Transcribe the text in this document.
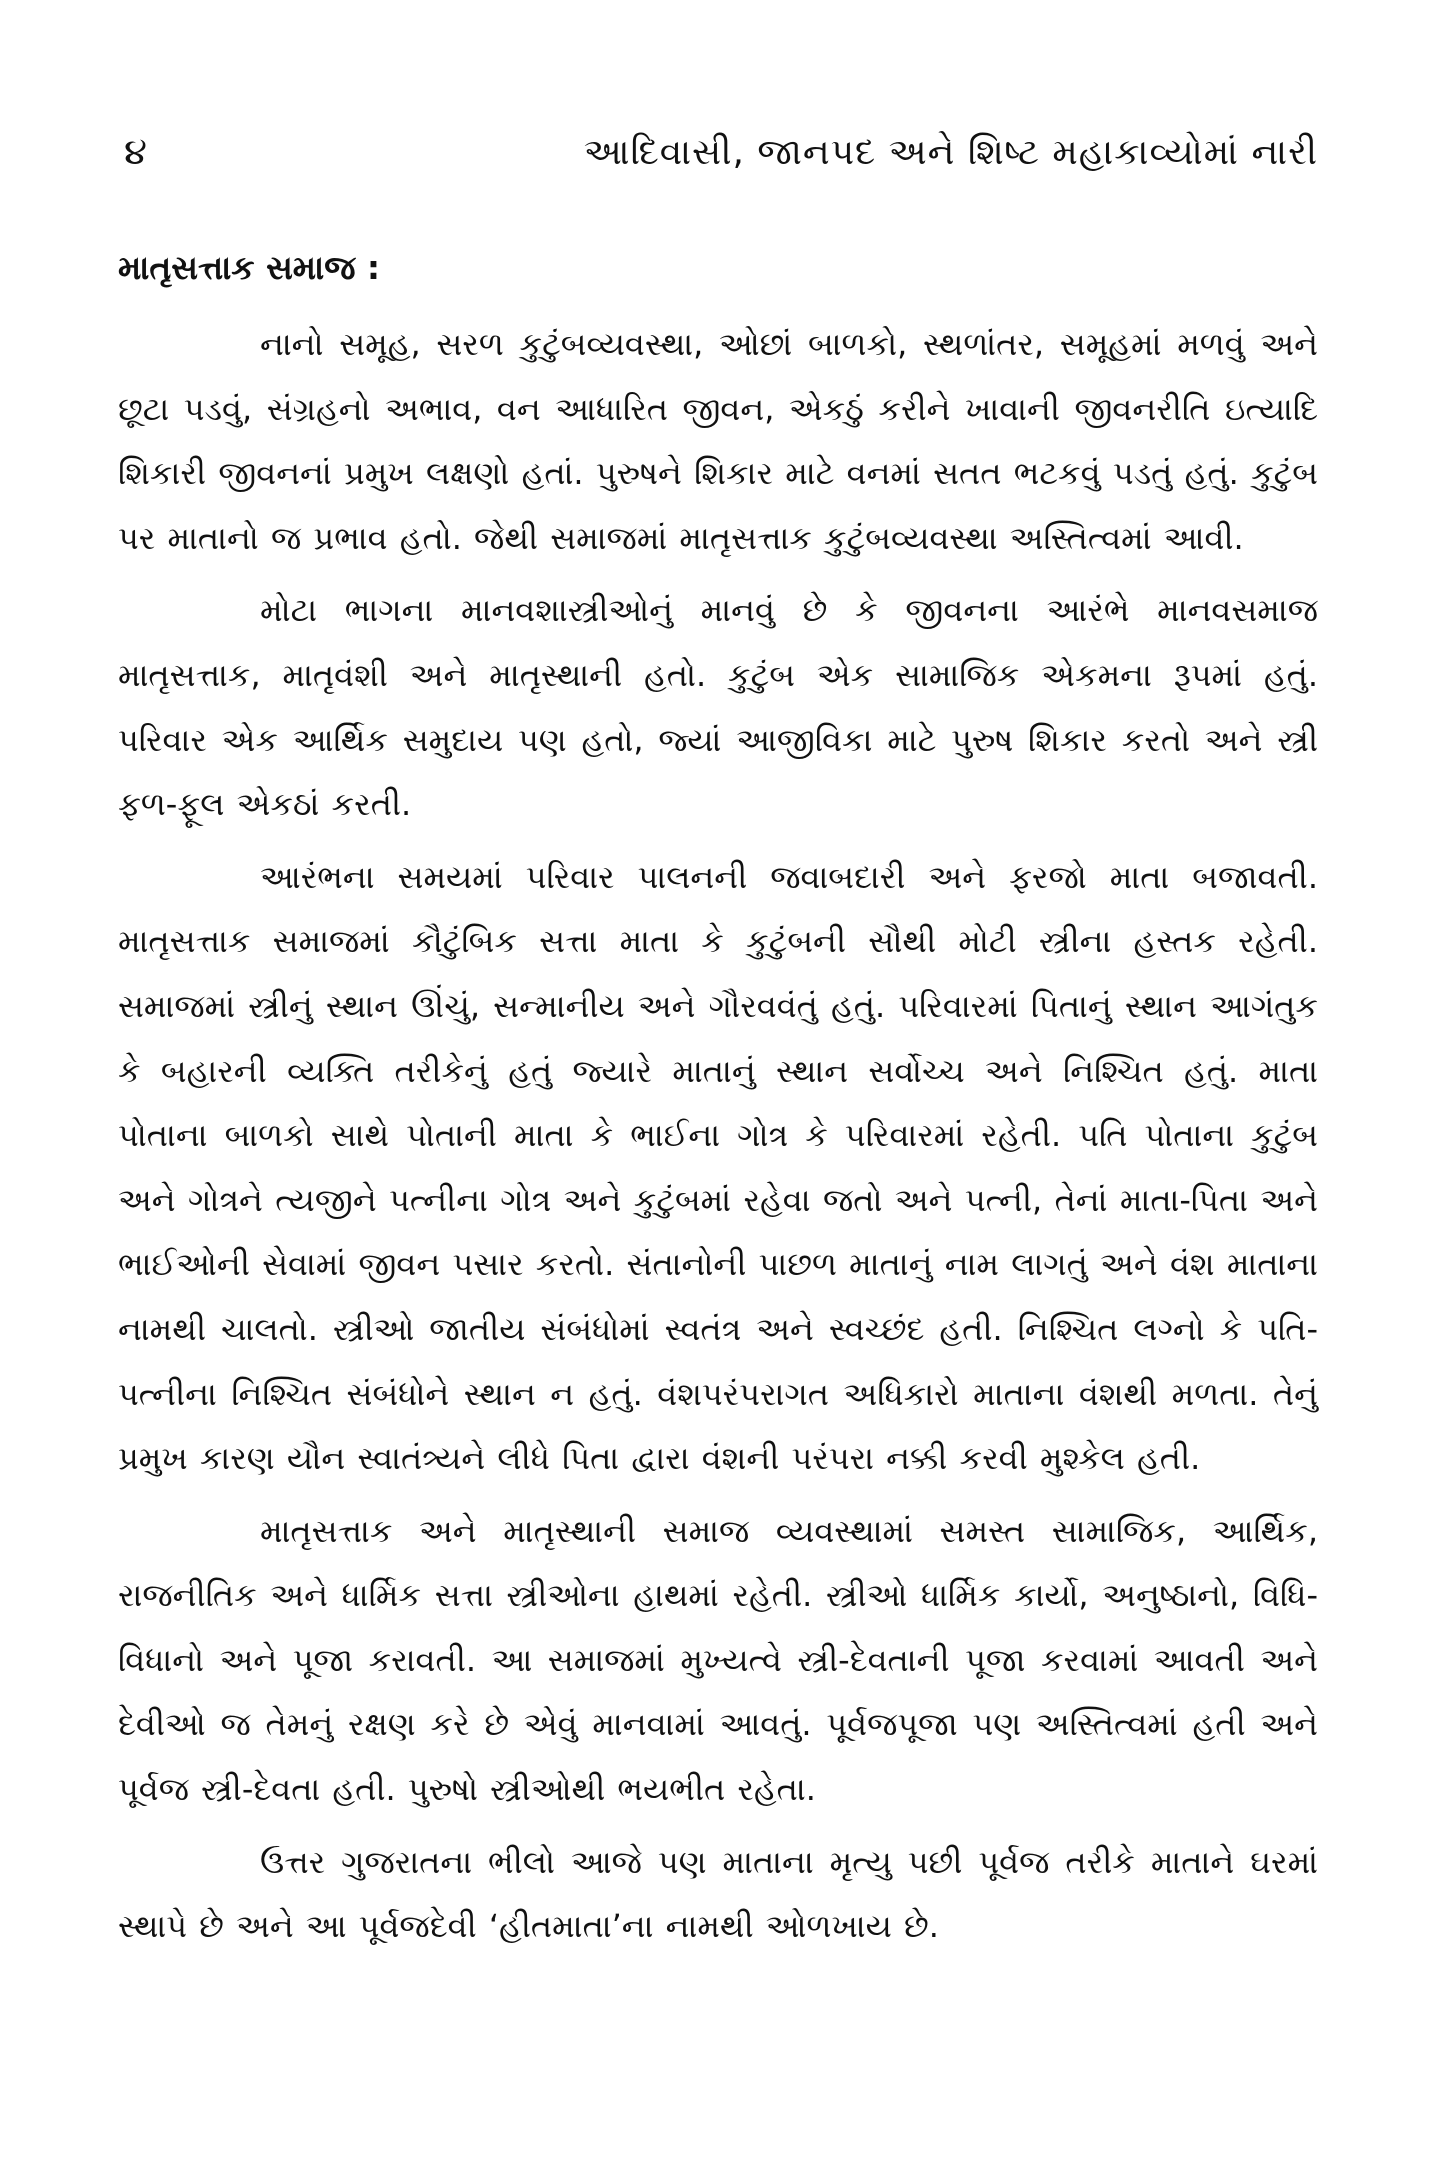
૪	આદિવાસી, જાનપદ અને શિષ્ટ મહાકાવ્યોમાં નારી
માતૃસત્તાક સમાજ :

નાનો સમૂહ, સરળ કુટુંબવ્યવસ્થા, ઓછાં બાળકો, સ્થળાંતર, સમૂહમાં મળવું અને છૂટા પડવું, સંગ્રહનો અભાવ, વન આધારિત જીવન, એકઠું કરીને ખાવાની જીવનરીતિ ઇત્યાદિ શિકારી જીવનનાં પ્રમુખ લક્ષણો હતાં. પુરુષને શિકાર માટે વનમાં સતત ભટકવું પડતું હતું. કુટુંબ પર માતાનો જ પ્રભાવ હતો. જેથી સમાજમાં માતૃસત્તાક કુટુંબવ્યવસ્થા અસ્તિત્વમાં આવી.

મોટા ભાગના માનવશાસ્ત્રીઓનું માનવું છે કે જીવનના આરંભે માનવસમાજ માતૃસત્તાક, માતૃવંશી અને માતૃસ્થાની હતો. કુટુંબ એક સામાજિક એકમના રૂપમાં હતું. પરિવાર એક આર્થિક સમુદાય પણ હતો, જ્યાં આજીવિકા માટે પુરુષ શિકાર કરતો અને સ્ત્રી ફળ-ફૂલ એકઠાં કરતી.

આરંભના સમયમાં પરિવાર પાલનની જવાબદારી અને ફરજો માતા બજાવતી. માતૃસત્તાક સમાજમાં કૌટુંબિક સત્તા માતા કે કુટુંબની સૌથી મોટી સ્ત્રીના હસ્તક રહેતી. સમાજમાં સ્ત્રીનું સ્થાન ઊંચું, સન્માનીય અને ગૌરવવંતું હતું. પરિવારમાં પિતાનું સ્થાન આગંતુક કે બહારની વ્યક્તિ તરીકેનું હતું જ્યારે માતાનું સ્થાન સર્વોચ્ચ અને નિશ્ચિત હતું. માતા પોતાના બાળકો સાથે પોતાની માતા કે ભાઈના ગોત્ર કે પરિવારમાં રહેતી. પતિ પોતાના કુટુંબ અને ગોત્રને ત્યજીને પત્નીના ગોત્ર અને કુટુંબમાં રહેવા જતો અને પત્ની, તેનાં માતા-પિતા અને ભાઈઓની સેવામાં જીવન પસાર કરતો. સંતાનોની પાછળ માતાનું નામ લાગતું અને વંશ માતાના નામથી ચાલતો. સ્ત્રીઓ જાતીય સંબંધોમાં સ્વતંત્ર અને સ્વચ્છંદ હતી. નિશ્ચિત લગ્નો કે પતિ-પત્નીના નિશ્ચિત સંબંધોને સ્થાન ન હતું. વંશપરંપરાગત અધિકારો માતાના વંશથી મળતા. તેનું પ્રમુખ કારણ યૌન સ્વાતંત્ર્યને લીધે પિતા દ્વારા વંશની પરંપરા નક્કી કરવી મુશ્કેલ હતી.

માતૃસત્તાક અને માતૃસ્થાની સમાજ વ્યવસ્થામાં સમસ્ત સામાજિક, આર્થિક, રાજનીતિક અને ધાર્મિક સત્તા સ્ત્રીઓના હાથમાં રહેતી. સ્ત્રીઓ ધાર્મિક કાર્યો, અનુષ્ઠાનો, વિધિ-વિધાનો અને પૂજા કરાવતી. આ સમાજમાં મુખ્યત્વે સ્ત્રી-દેવતાની પૂજા કરવામાં આવતી અને દેવીઓ જ તેમનું રક્ષણ કરે છે એવું માનવામાં આવતું. પૂર્વજપૂજા પણ અસ્તિત્વમાં હતી અને પૂર્વજ સ્ત્રી-દેવતા હતી. પુરુષો સ્ત્રીઓથી ભયભીત રહેતા.

ઉત્તર ગુજરાતના ભીલો આજે પણ માતાના મૃત્યુ પછી પૂર્વજ તરીકે માતાને ઘરમાં સ્થાપે છે અને આ પૂર્વજદેવી ‘હીતમાતા’ના નામથી ઓળખાય છે.
